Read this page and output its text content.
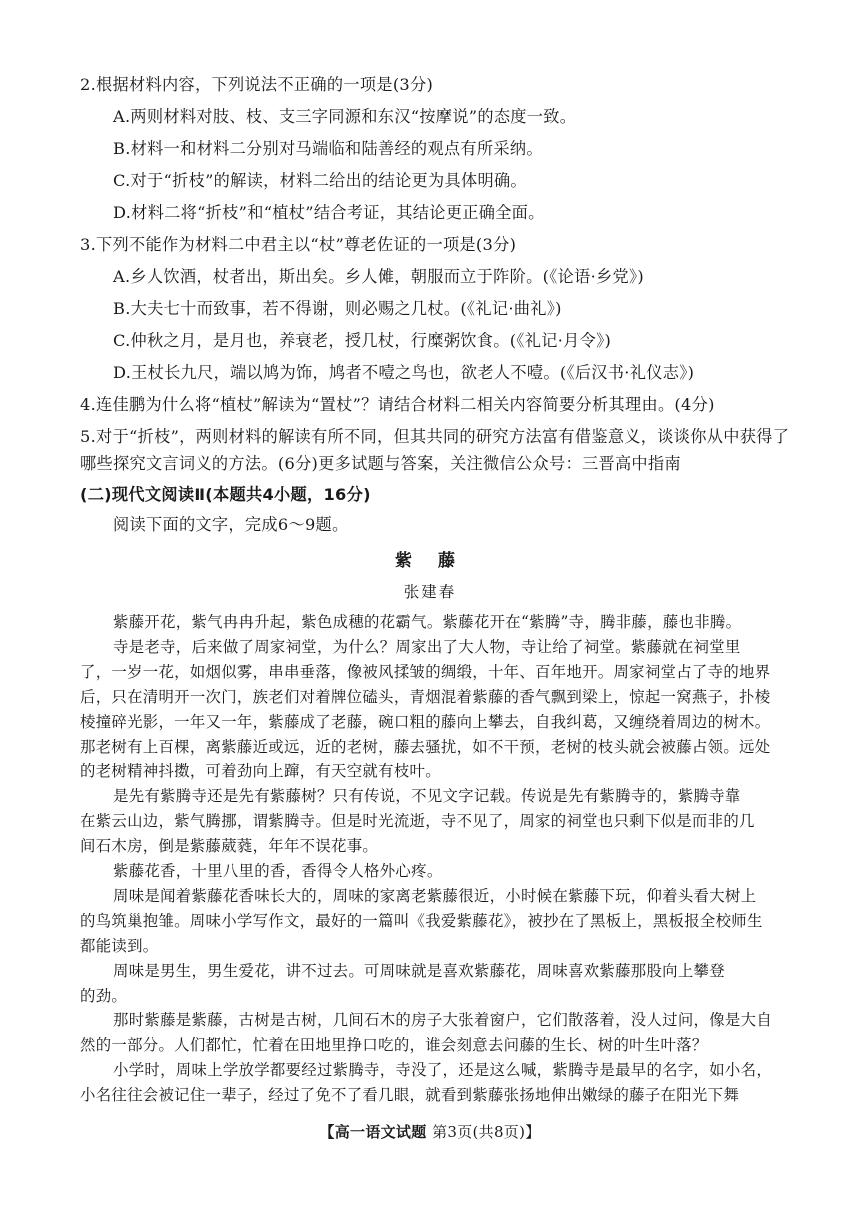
2.根据材料内容，下列说法不正确的一项是(3分)
A.两则材料对肢、枝、支三字同源和东汉“按摩说”的态度一致。
B.材料一和材料二分别对马端临和陆善经的观点有所采纳。
C.对于“折枝”的解读，材料二给出的结论更为具体明确。
D.材料二将“折枝”和“植杖”结合考证，其结论更正确全面。
3.下列不能作为材料二中君主以“杖”尊老佐证的一项是(3分)
A.乡人饮酒，杖者出，斯出矣。乡人傩，朝服而立于阼阶。(《论语·乡党》)
B.大夫七十而致事，若不得谢，则必赐之几杖。(《礼记·曲礼》)
C.仲秋之月，是月也，养衰老，授几杖，行糜粥饮食。(《礼记·月令》)
D.王杖长九尺，端以鸠为饰，鸠者不噎之鸟也，欲老人不噎。(《后汉书·礼仪志》)
4.连佳鹏为什么将“植杖”解读为“置杖”？请结合材料二相关内容简要分析其理由。(4分)
5.对于“折枝”，两则材料的解读有所不同，但其共同的研究方法富有借鉴意义，谈谈你从中获得了
哪些探究文言词义的方法。(6分)更多试题与答案，关注微信公众号：三晋高中指南
(二)现代文阅读Ⅱ(本题共4小题，16分)
阅读下面的文字，完成6～9题。
紫 藤
张建春
紫藤开花，紫气冉冉升起，紫色成穗的花霸气。紫藤花开在“紫腾”寺，腾非藤，藤也非腾。
寺是老寺，后来做了周家祠堂，为什么？周家出了大人物，寺让给了祠堂。紫藤就在祠堂里
了，一岁一花，如烟似雾，串串垂落，像被风揉皱的绸缎，十年、百年地开。周家祠堂占了寺的地界
后，只在清明开一次门，族老们对着牌位磕头，青烟混着紫藤的香气飘到梁上，惊起一窝燕子，扑棱
棱撞碎光影，一年又一年，紫藤成了老藤，碗口粗的藤向上攀去，自我纠葛，又缠绕着周边的树木。
那老树有上百棵，离紫藤近或远，近的老树，藤去骚扰，如不干预，老树的枝头就会被藤占领。远处
的老树精神抖擞，可着劲向上蹿，有天空就有枝叶。
是先有紫腾寺还是先有紫藤树？只有传说，不见文字记载。传说是先有紫腾寺的，紫腾寺靠
在紫云山边，紫气腾挪，谓紫腾寺。但是时光流逝，寺不见了，周家的祠堂也只剩下似是而非的几
间石木房，倒是紫藤葳蕤，年年不误花事。
紫藤花香，十里八里的香，香得令人格外心疼。
周味是闻着紫藤花香味长大的，周味的家离老紫藤很近，小时候在紫藤下玩，仰着头看大树上
的鸟筑巢抱雏。周味小学写作文，最好的一篇叫《我爱紫藤花》，被抄在了黑板上，黑板报全校师生
都能读到。
周味是男生，男生爱花，讲不过去。可周味就是喜欢紫藤花，周味喜欢紫藤那股向上攀登
的劲。
那时紫藤是紫藤，古树是古树，几间石木的房子大张着窗户，它们散落着，没人过问，像是大自
然的一部分。人们都忙，忙着在田地里挣口吃的，谁会刻意去问藤的生长、树的叶生叶落？
小学时，周味上学放学都要经过紫腾寺，寺没了，还是这么喊，紫腾寺是最早的名字，如小名，
小名往往会被记住一辈子，经过了免不了看几眼，就看到紫藤张扬地伸出嫩绿的藤子在阳光下舞
【高一语文试题 第3页(共8页)】
